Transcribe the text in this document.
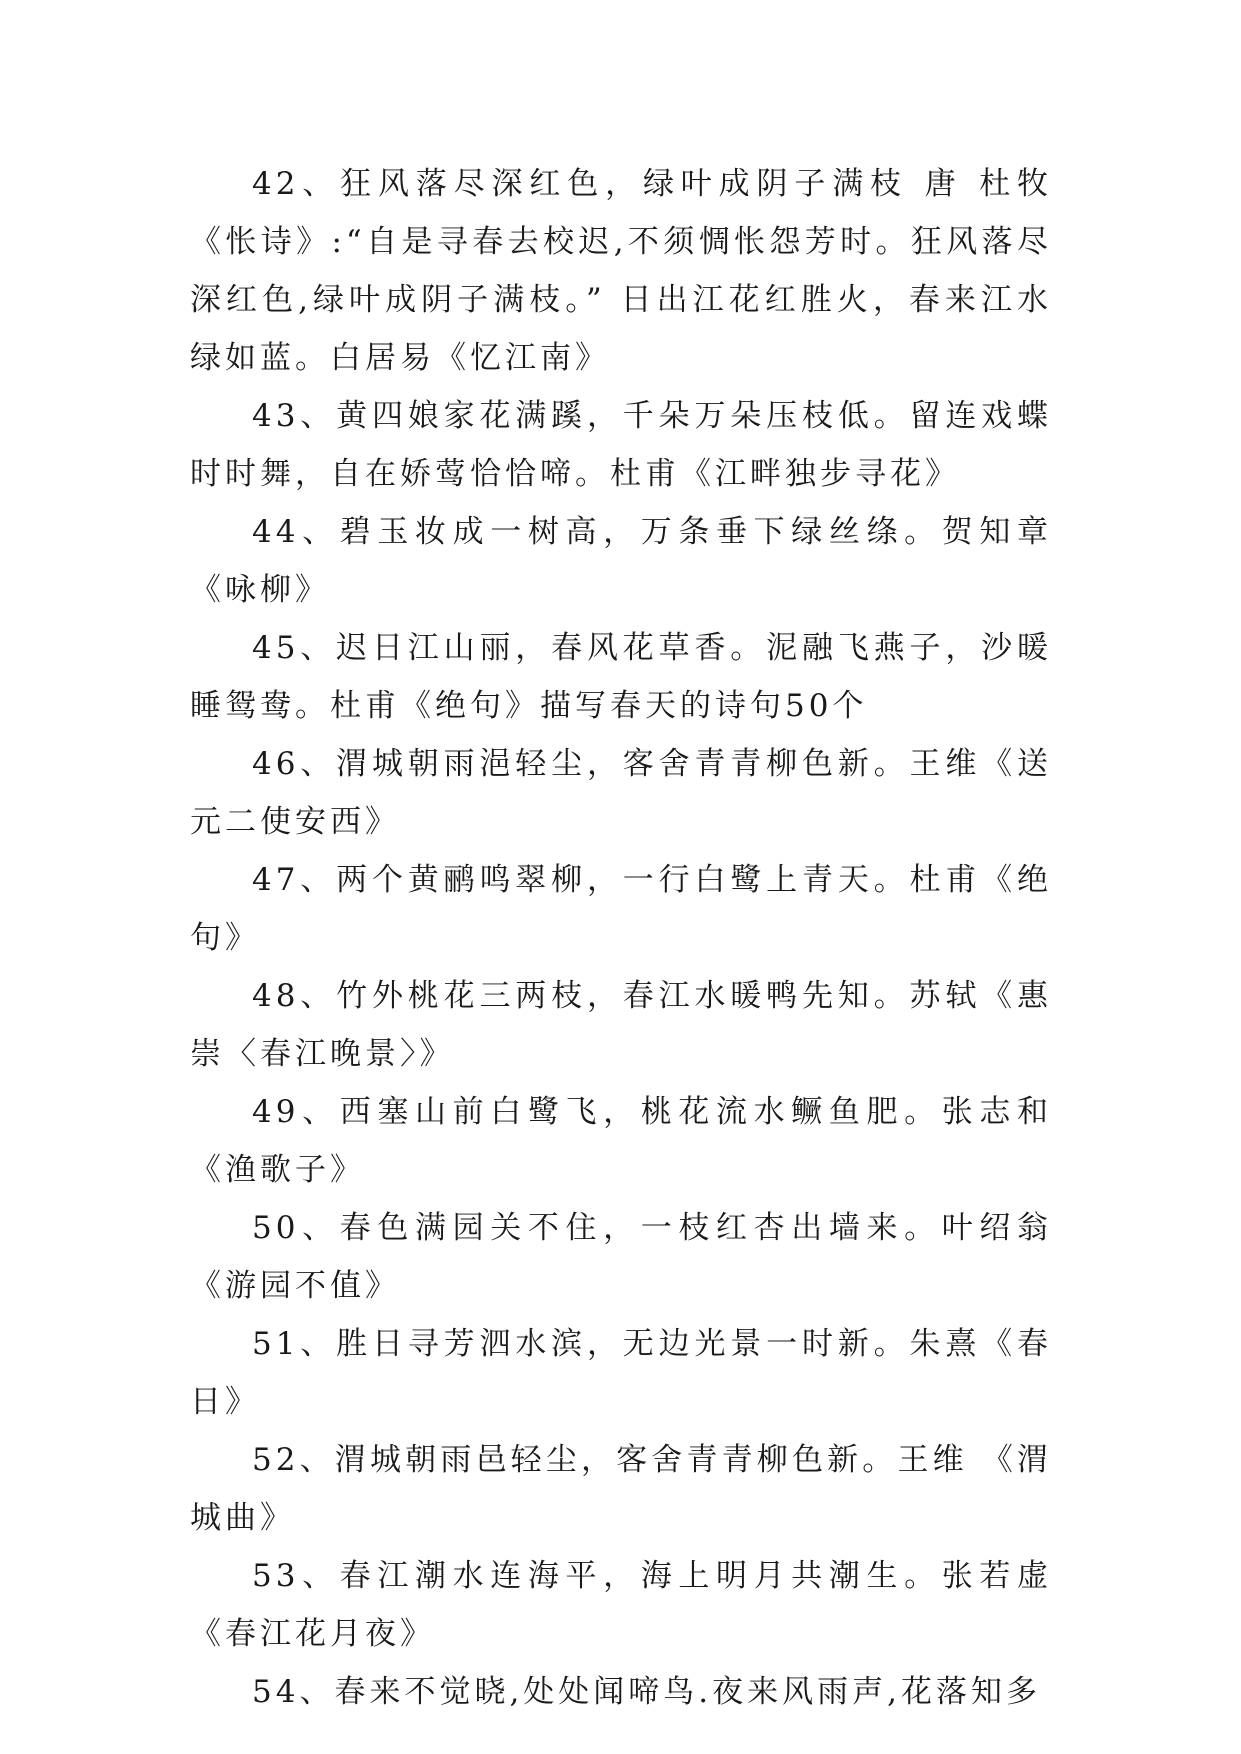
42、狂风落尽深红色，绿叶成阴子满枝 唐 杜牧《怅诗》:“自是寻春去校迟,不须惆怅怨芳时。狂风落尽深红色,绿叶成阴子满枝。” 日出江花红胜火，春来江水绿如蓝。白居易《忆江南》

43、黄四娘家花满蹊，千朵万朵压枝低。留连戏蝶时时舞，自在娇莺恰恰啼。杜甫《江畔独步寻花》

44、碧玉妆成一树高，万条垂下绿丝绦。贺知章《咏柳》

45、迟日江山丽，春风花草香。泥融飞燕子，沙暖睡鸳鸯。杜甫《绝句》描写春天的诗句50个

46、渭城朝雨浥轻尘，客舍青青柳色新。王维《送元二使安西》

47、两个黄鹂鸣翠柳，一行白鹭上青天。杜甫《绝句》

48、竹外桃花三两枝，春江水暖鸭先知。苏轼《惠崇〈春江晚景〉》

49、西塞山前白鹭飞，桃花流水鳜鱼肥。张志和《渔歌子》

50、春色满园关不住，一枝红杏出墙来。叶绍翁《游园不值》

51、胜日寻芳泗水滨，无边光景一时新。朱熹《春日》

52、渭城朝雨邑轻尘，客舍青青柳色新。王维 《渭城曲》

53、春江潮水连海平，海上明月共潮生。张若虚《春江花月夜》

54、春来不觉晓,处处闻啼鸟.夜来风雨声,花落知多
